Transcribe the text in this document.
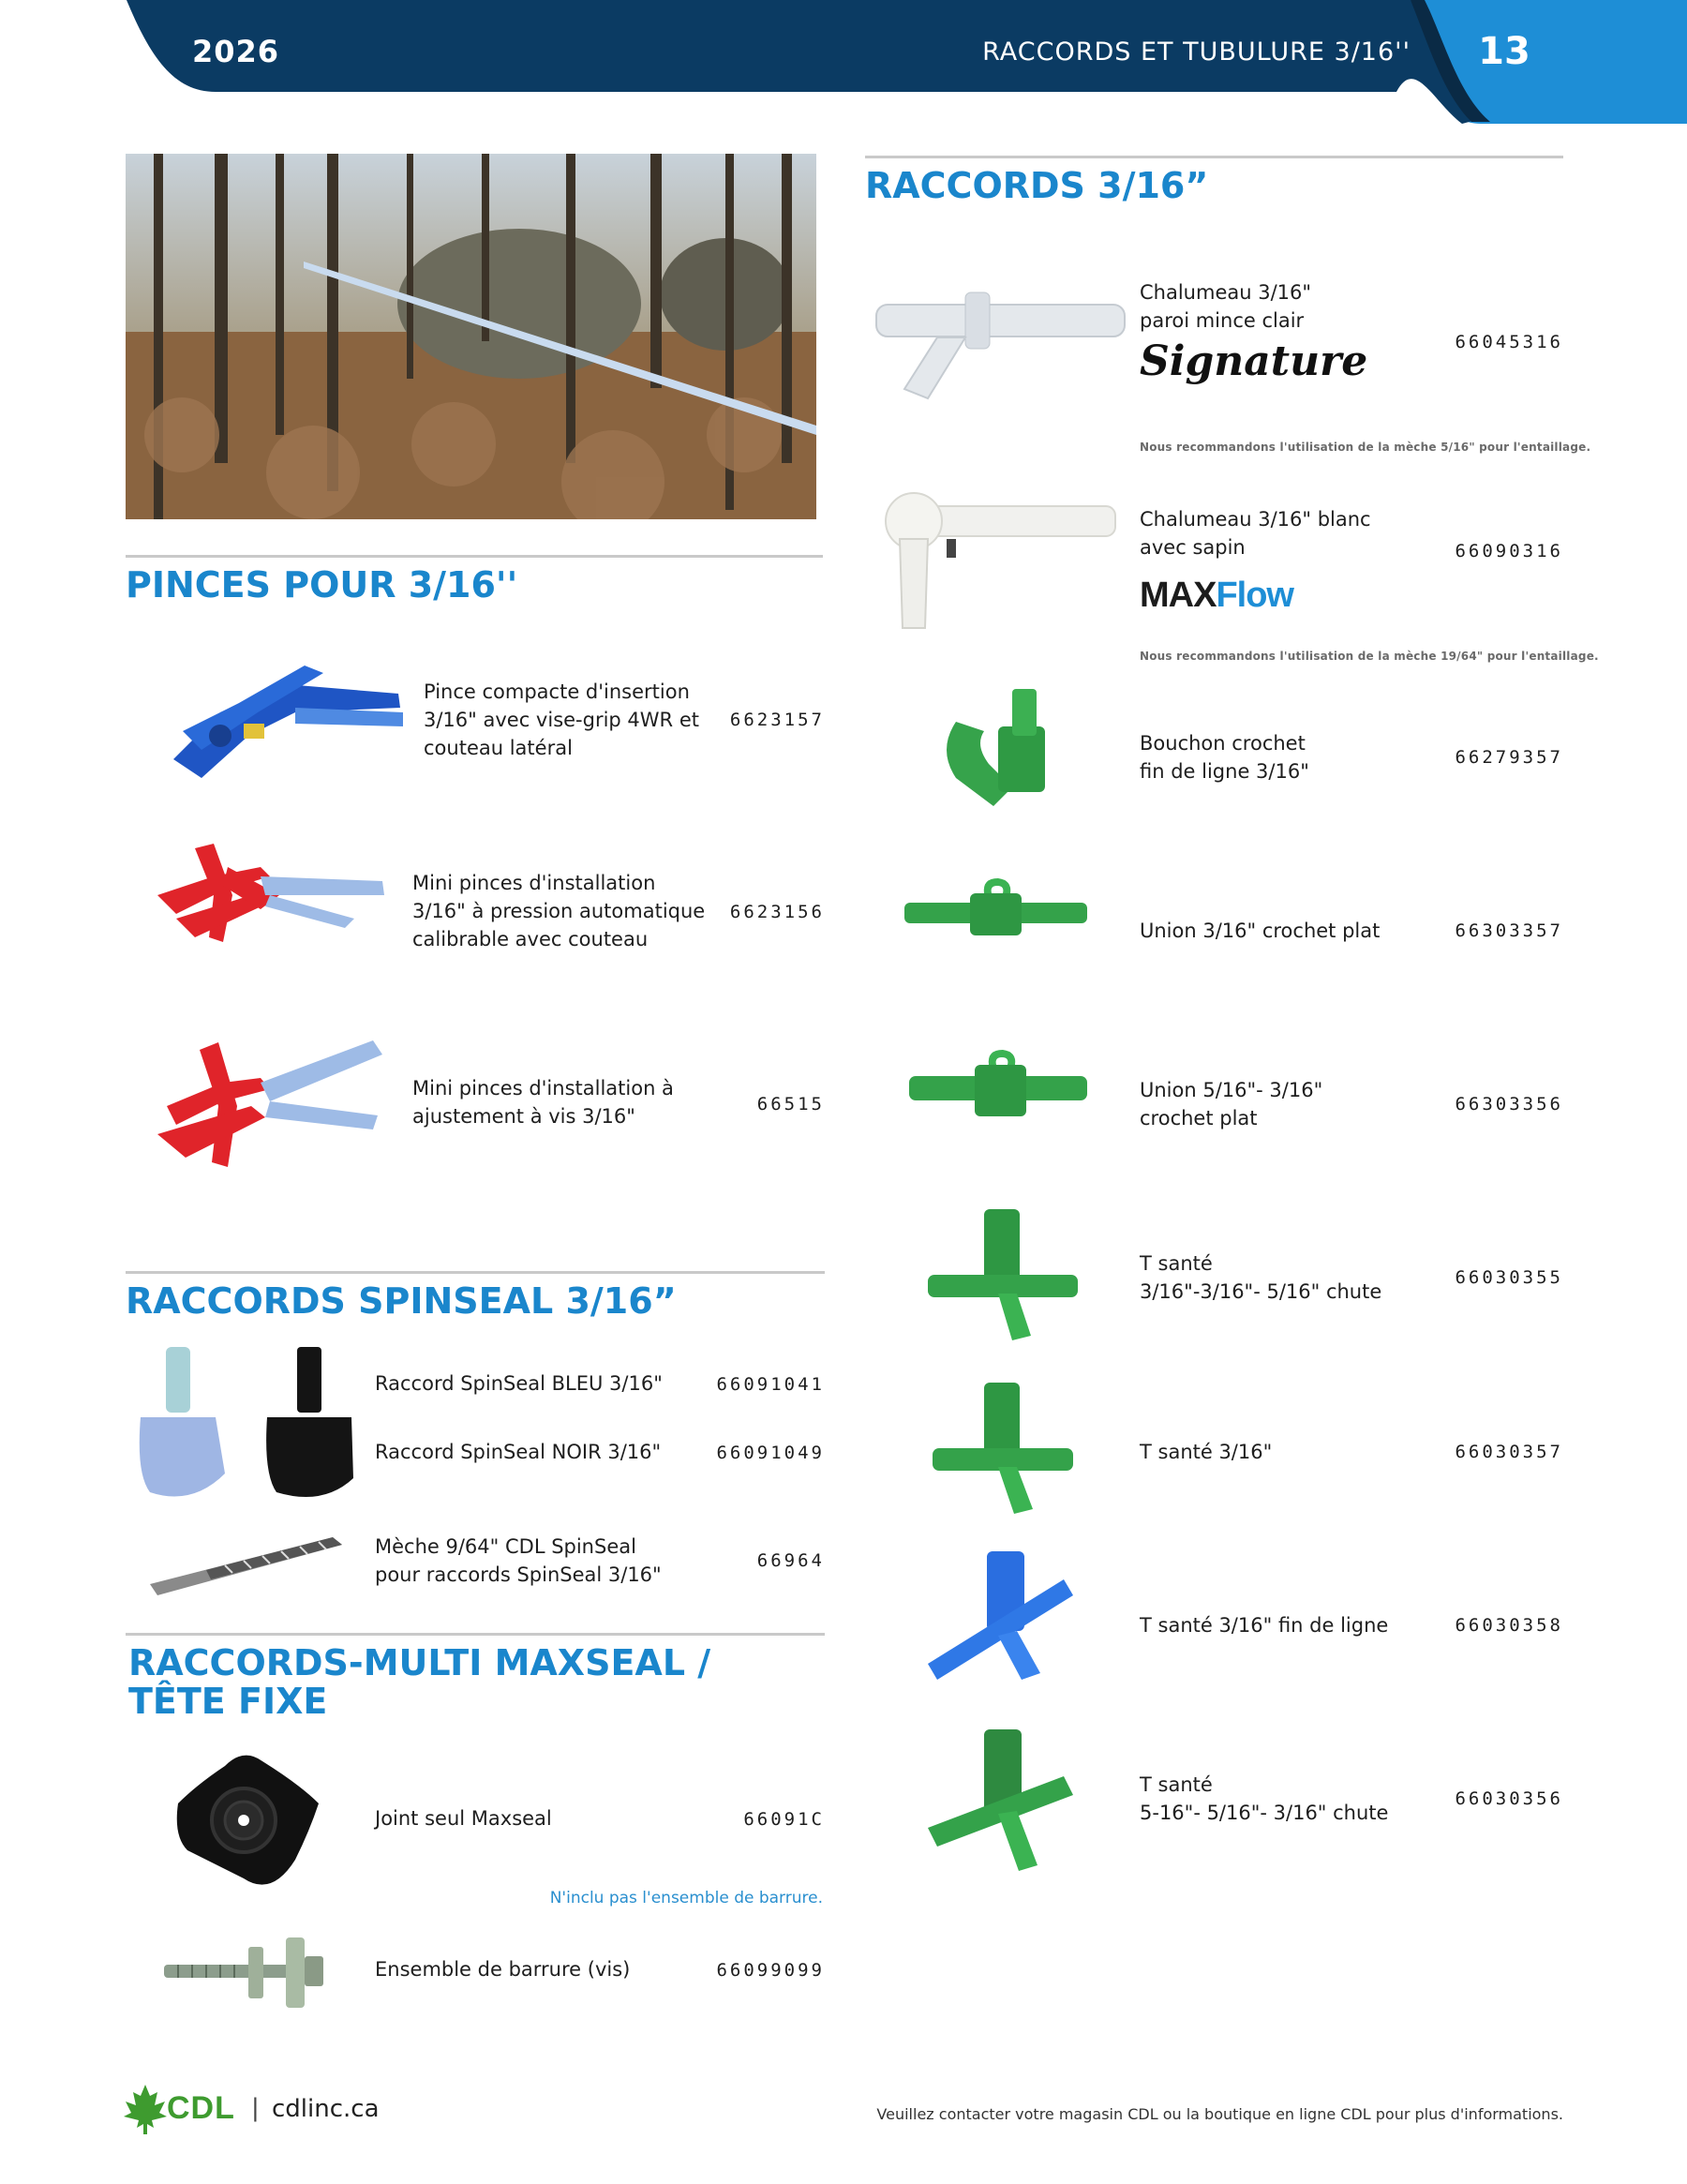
2026	RACCORDS ET TUBULURE 3/16'' 13
PINCES POUR 3/16''
Pince compacte d'insertion
3/16" avec vise-grip 4WR et
couteau latéral
6623157
Mini pinces d'installation
3/16" à pression automatique
calibrable avec couteau
6623156
Mini pinces d'installation à
ajustement à vis 3/16"
66515
RACCORDS SPINSEAL 3/16”
Raccord SpinSeal BLEU 3/16"	66091041
Raccord SpinSeal NOIR 3/16"	66091049
Mèche 9/64" CDL SpinSeal
pour raccords SpinSeal 3/16"
66964
RACCORDS-MULTI MAXSEAL /
TÊTE FIXE
Joint seul Maxseal	66091C
N'inclu pas l'ensemble de barrure.
Ensemble de barrure (vis)	66099099
RACCORDS 3/16”
Chalumeau 3/16"
paroi mince clair
Signature	66045316
Nous recommandons l'utilisation de la mèche 5/16" pour l'entaillage.
Chalumeau 3/16" blanc
avec sapin
MAXFlow
66090316
Nous recommandons l'utilisation de la mèche 19/64" pour l'entaillage.
Bouchon crochet
fin de ligne 3/16"
66279357
Union 3/16" crochet plat	66303357
Union 5/16"- 3/16"
crochet plat
66303356
T santé
3/16"-3/16"- 5/16" chute
66030355
T santé 3/16"	66030357
T santé 3/16" fin de ligne	66030358
T santé
5-16"- 5/16"- 3/16" chute
66030356
CDL | cdlinc.ca	Veuillez contacter votre magasin CDL ou la boutique en ligne CDL pour plus d'informations.
